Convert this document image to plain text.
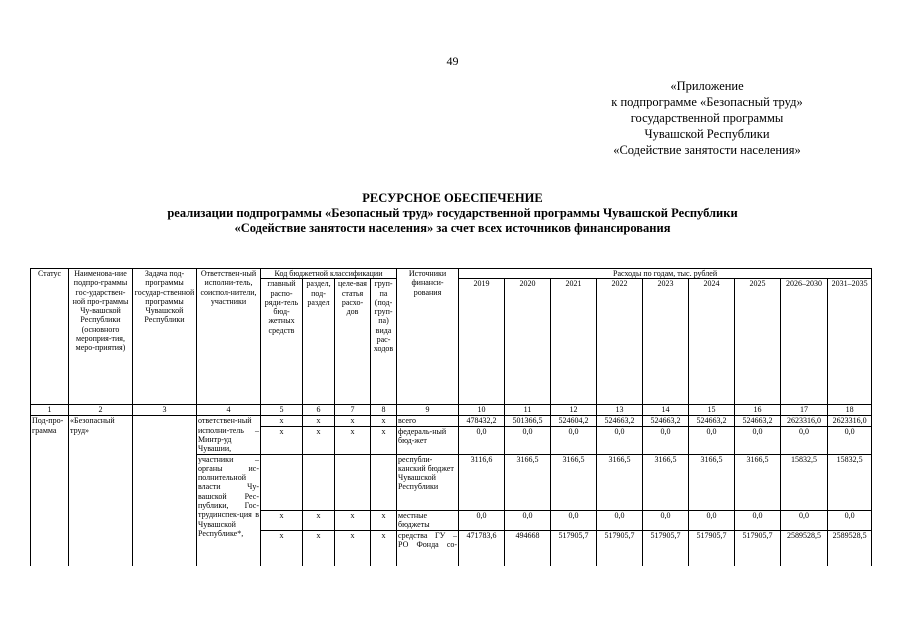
49
«Приложение
к подпрограмме «Безопасный труд»
государственной программы
Чувашской Республики
«Содействие занятости населения»
РЕСУРСНОЕ ОБЕСПЕЧЕНИЕ
реализации подпрограммы «Безопасный труд» государственной программы Чувашской Республики
«Содействие занятости населения» за счет всех источников финансирования
Статус	Наименова-ние подпро-граммы гос-ударствен-ной про-граммы Чу-вашской Республики (основного мероприя-тия, меро-приятия)	Задача под-программы государ-ственной программы Чувашской Республики	Ответствен-ный исполни-тель, соиспол-нители, участники	Код бюджетной классификации				Источники финанси-рования	Расходы по годам, тыс. рублей								
				главный распо-ряди-тель бюд-жетных средств	раздел, под-раздел	целе-вая статья расхо-дов	груп-па (под-груп-па) вида рас-ходов		2019	2020	2021	2022	2023	2024	2025	2026–2030	2031–2035
1	2	3	4	5	6	7	8	9	10	11	12	13	14	15	16	17	18
Под-про-грамма	«Безопасный труд»		ответствен-ный исполни-тель – Минтр-уд Чувашии,	x	x	x	x	всего	478432,2	501366,5	524604,2	524663,2	524663,2	524663,2	524663,2	2623316,0	2623316,0
				x	x	x	x	федераль-ный бюд-жет	0,0	0,0	0,0	0,0	0,0	0,0	0,0	0,0	0,0
			участники – органы ис-полнительной власти Чу-вашской Рес-публики, Гос-трудинспек-ция в Чувашской Республике*,					республи-канский бюджет Чувашской Республики	3116,6	3166,5	3166,5	3166,5	3166,5	3166,5	3166,5	15832,5	15832,5
				x	x	x	x	местные бюджеты	0,0	0,0	0,0	0,0	0,0	0,0	0,0	0,0	0,0
				x	x	x	x	средства ГУ – РО Фонда со-	471783,6	494668	517905,7	517905,7	517905,7	517905,7	517905,7	2589528,5	2589528,5
